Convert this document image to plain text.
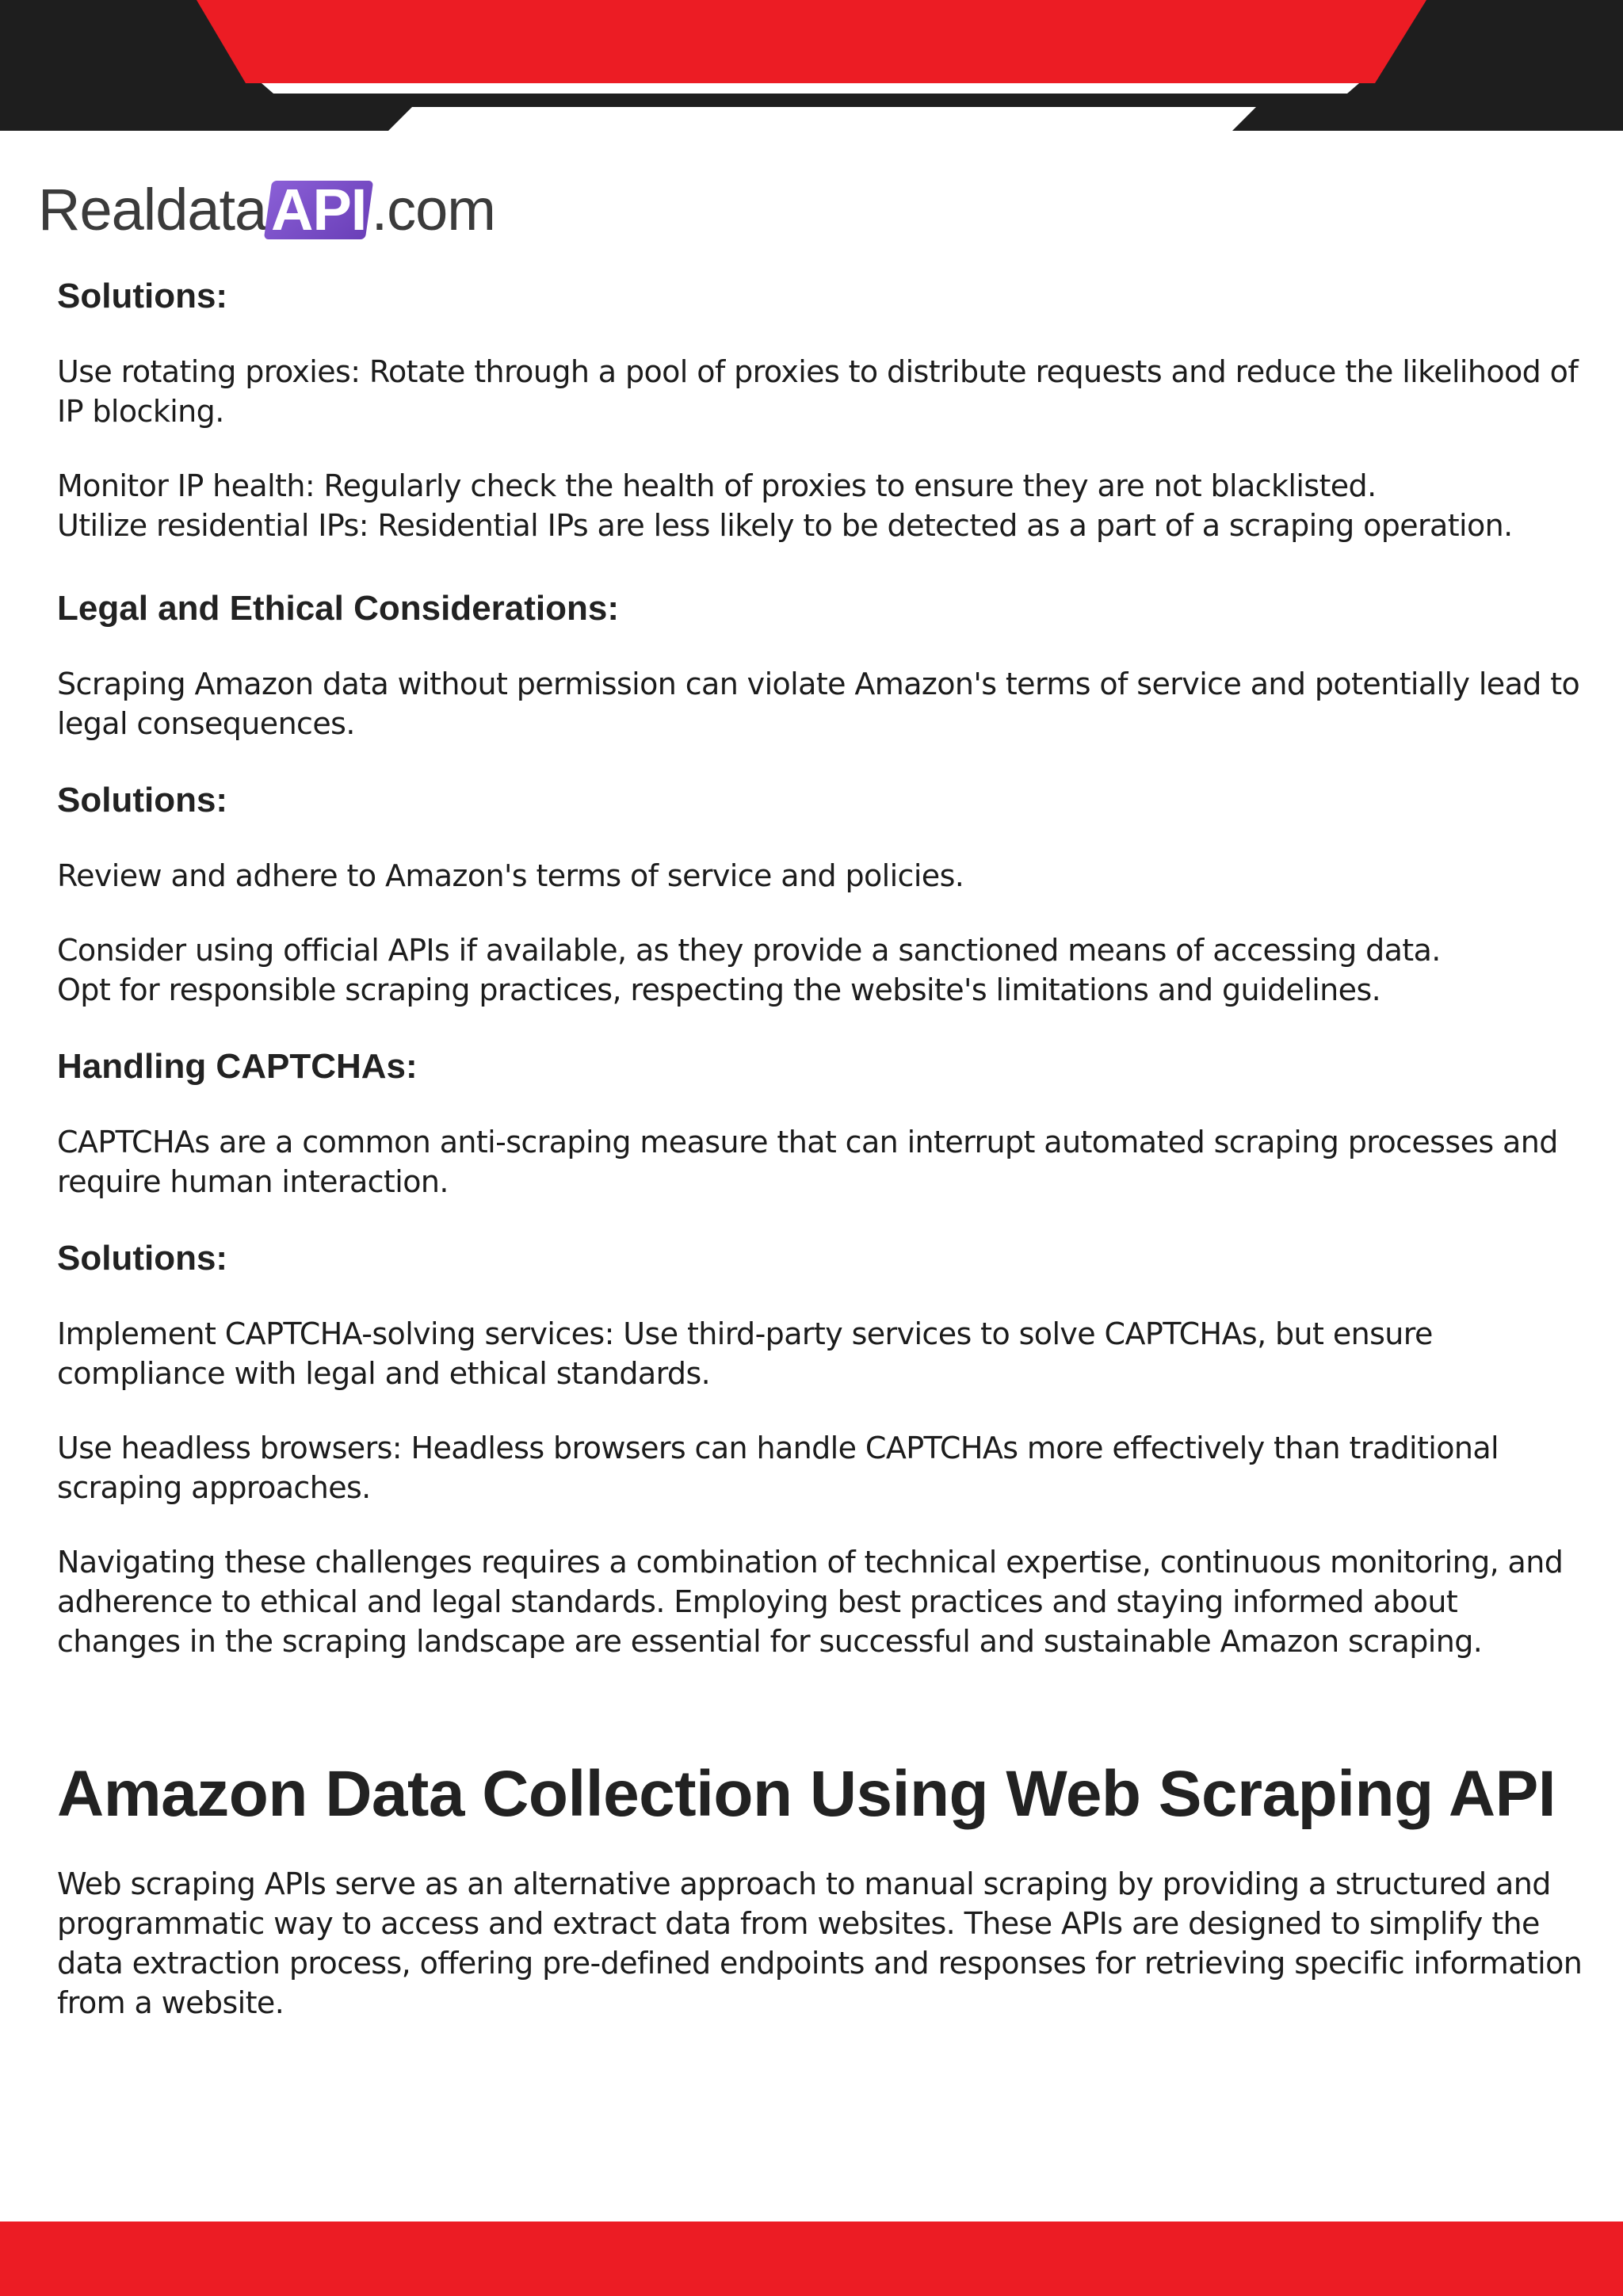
RealdataAPI.com
Solutions:

Use rotating proxies: Rotate through a pool of proxies to distribute requests and reduce the likelihood of IP blocking.

Monitor IP health: Regularly check the health of proxies to ensure they are not blacklisted.

Utilize residential IPs: Residential IPs are less likely to be detected as a part of a scraping operation.

Legal and Ethical Considerations:

Scraping Amazon data without permission can violate Amazon's terms of service and potentially lead to legal consequences.

Solutions:

Review and adhere to Amazon's terms of service and policies.

Consider using official APIs if available, as they provide a sanctioned means of accessing data.

Opt for responsible scraping practices, respecting the website's limitations and guidelines.

Handling CAPTCHAs:

CAPTCHAs are a common anti-scraping measure that can interrupt automated scraping processes and require human interaction.

Solutions:

Implement CAPTCHA-solving services: Use third-party services to solve CAPTCHAs, but ensure compliance with legal and ethical standards.

Use headless browsers: Headless browsers can handle CAPTCHAs more effectively than traditional scraping approaches.

Navigating these challenges requires a combination of technical expertise, continuous monitoring, and adherence to ethical and legal standards. Employing best practices and staying informed about changes in the scraping landscape are essential for successful and sustainable Amazon scraping.

Amazon Data Collection Using Web Scraping API

Web scraping APIs serve as an alternative approach to manual scraping by providing a structured and programmatic way to access and extract data from websites. These APIs are designed to simplify the data extraction process, offering pre-defined endpoints and responses for retrieving specific information from a website.
